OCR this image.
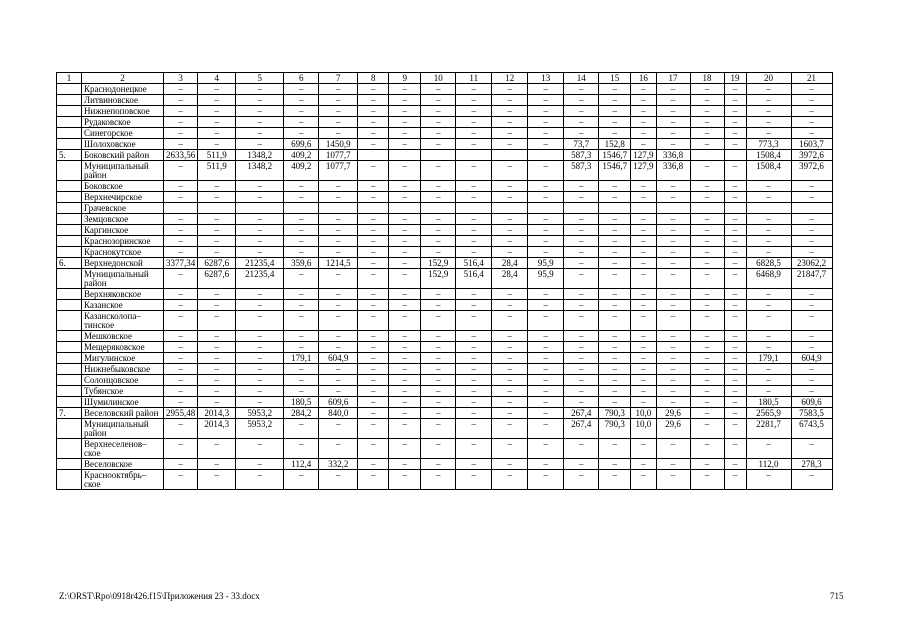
1	2	3	4	5	6	7	8	9	10	11	12	13	14	15	16	17	18	19	20	21
	Краснодонецкое	–	–	–	–	–	–	–	–	–	–	–	–	–	–	–	–	–	–	–
	Литвиновское	–	–	–	–	–	–	–	–	–	–	–	–	–	–	–	–	–	–	–
	Нижнепоповское	–	–	–	–	–	–	–	–	–	–	–	–	–	–	–	–	–	–	–
	Рудаковское	–	–	–	–	–	–	–	–	–	–	–	–	–	–	–	–	–	–	–
	Синегорское	–	–	–	–	–	–	–	–	–	–	–	–	–	–	–	–	–	–	–
	Шолоховское	–	–	–	699,6	1450,9	–	–	–	–	–	–	73,7	152,8	–	–	–	–	773,3	1603,7
5.	Боковский район	2633,56	511,9	1348,2	409,2	1077,7							587,3	1546,7	127,9	336,8			1508,4	3972,6
	Муниципальный район	–	511,9	1348,2	409,2	1077,7	–	–	–	–	–	–	587,3	1546,7	127,9	336,8	–	–	1508,4	3972,6
	Боковское	–	–	–	–	–	–	–	–	–	–	–	–	–	–	–	–	–	–	–
	Верхнечирское	–	–	–	–	–	–	–	–	–	–	–	–	–	–	–	–	–	–	–
	Грачевское																			
	Земцовское	–	–	–	–	–	–	–	–	–	–	–	–	–	–	–	–	–	–	–
	Каргинское	–	–	–	–	–	–	–	–	–	–	–	–	–	–	–	–	–	–	–
	Краснозоринское	–	–	–	–	–	–	–	–	–	–	–	–	–	–	–	–	–	–	–
	Краснокутское	–	–	–	–	–	–	–	–	–	–	–	–	–	–	–	–	–	–	–
6.	Верхнедонской	3377,34	6287,6	21235,4	359,6	1214,5	–	–	152,9	516,4	28,4	95,9	–	–	–	–	–	–	6828,5	23062,2
	Муниципальный район	–	6287,6	21235,4	–	–	–	–	152,9	516,4	28,4	95,9	–	–	–	–	–	–	6468,9	21847,7
	Верхняковское	–	–	–	–	–	–	–	–	–	–	–	–	–	–	–	–	–	–	–
	Казанское	–	–	–	–	–	–	–	–	–	–	–	–	–	–	–	–	–	–	–
	Казансколопа–тинское	–	–	–	–	–	–	–	–	–	–	–	–	–	–	–	–	–	–	–
	Мешковское	–	–	–	–	–	–	–	–	–	–	–	–	–	–	–	–	–	–	–
	Мещеряковское	–	–	–	–	–	–	–	–	–	–	–	–	–	–	–	–	–	–	–
	Мигулинское	–	–	–	179,1	604,9	–	–	–	–	–	–	–	–	–	–	–	–	179,1	604,9
	Нижнебыковское	–	–	–	–	–	–	–	–	–	–	–	–	–	–	–	–	–	–	–
	Солонцовское	–	–	–	–	–	–	–	–	–	–	–	–	–	–	–	–	–	–	–
	Тубянское	–	–	–	–	–	–	–	–	–	–	–	–	–	–	–	–	–	–	–
	Шумилинское	–	–	–	180,5	609,6	–	–	–	–	–	–	–	–	–	–	–	–	180,5	609,6
7.	Веселовский район	2955,48	2014,3	5953,2	284,2	840,0	–	–	–	–	–	–	267,4	790,3	10,0	29,6	–	–	2565,9	7583,5
	Муниципальный район	–	2014,3	5953,2	–	–	–	–	–	–	–	–	267,4	790,3	10,0	29,6	–	–	2281,7	6743,5
	Верхнеселенов–ское	–	–	–	–	–	–	–	–	–	–	–	–	–	–	–	–	–	–	–
	Веселовское	–	–	–	112,4	332,2	–	–	–	–	–	–	–	–	–	–	–	–	112,0	278,3
	Краснооктябрь–ское	–	–	–	–	–	–	–	–	–	–	–	–	–	–	–	–	–	–	–
Z:\ORST\Rpo\0918r426.f15\Приложения 23 - 33.docx	715
